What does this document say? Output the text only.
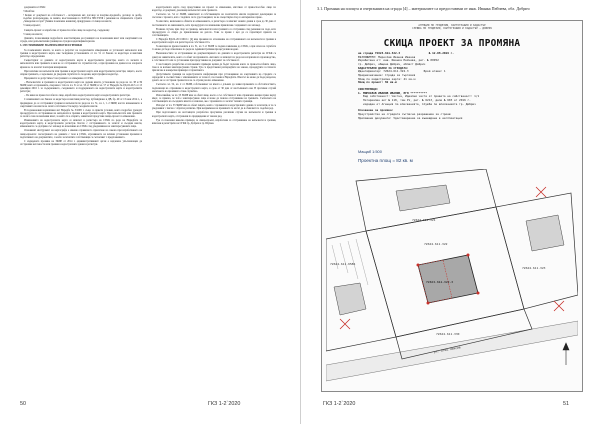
документи в СГКК:

• Монбтак

• Копие от документ на собственост – нотариален акт, договор за покупко-продажба, договор за делба, съдебно разпореждане, за земите, възстановени по ЗСПЗЗ и ЗВСГЗГФ с решение на общинската служба „Земеделие и гори“ (бивша поземлена комисия), придружено от скица на имота;

• Скица-проект;

Скицата-проект се изработва от правоспособно лице по кадастър, съдържащ:

• Скица на имота;

Данните, позволяващи подробното константиране на границата на поземления имот или очертанията на сграда, или допълнителни граници на сгради и идентификатори им.

3. ОТСТРАНЯВАНЕ НА НЕПЪЛНОТИ И ГРЕШКИ

За поземлените имоти, за които в резултат на геодезичните измервания се установят непълноти или грешки в кадастралната карта, ние тълкуваме установените от чл. 51 от Закона за кадастъра и имотния регистър определения.

Съществуват се данните от кадастралната карта и кадастралните регистри, които са заснети и непълнотите или грешките в нея не се отстраняват по служебен път, а при промяна на данни и на опорната мрежа не се налагат повторни измервания.

При наличие на непълноти или грешки в кадастралната карта или кадастралните регистри, лицето, което открие грешката, е задължено да уведоми службата по геодезия, картография и кадастър.

Преценката за допустимост на грешката се извършва от СГКК.

– Непълнотите и грешките в кадастралната карта на дадени имоти, установени по реда на чл. 38 и 39 ЗКИР, както и промените, свързани с тях по чл. 51 и чл. 53 от ЗКИР, и чл. 57 от Наредба № РД-02-20-5 от 15 декември 2016 г. за съдържанието, създаването и поддържането на кадастралната карта и кадастралните регистри;

– По вина на правоспособното лице, изработило кадастралната карта и кадастралните регистри.

С изменението на Закона за кадастъра и имотния регистър, публикувано в ДВ, бр. 49 от 13 юни 2014 г., е предвидено да се отстраняват грешки и непълноти по реда на чл. 51, ал. 1, т. 2 ЗКИР, когато изменението в очертанията на имота не засяга собствеността върху съседните имоти.

В подзаконовия нормативен акт Наредба № 3/2005 г. също са приети условия, които подробно уреждат процедурата по отстраняване на непълноти и грешки в кадастралната карта. При непълнотата или грешката се засяга само поземления имот, за който тя е открита, заявителят представя скица-проект за изменение.

Измененията на кадастралната карта се вписват в регистъра на СГКК по реда на Наредбата за кадастралната карта и кадастралните регистри. Когато с отстраняването се засягат и съседни имоти, изменението се одобрява със заповед на началника на СГКК след уведомяване на заинтересуваните лица.

Основният инструмент на картографа е именно правилното прилагане на закона при изработването на скица-проекта: съгласуването на данните с тези в СГКК, отразяването на всички установени промени и подготвянето на документите, с които засегнатите собственици се съгласяват с предложението.

С издадената промяна на ЗКИР от 2014 г. административният орган е надлежно упълномощен да отстранява неточности или грешки в кадастралните данни и регистри.

кадастралната карта след представяне на проект за изменение, изготвен от правоспособно лице по кадастър, и документ, доказващ непълнотата или грешката.

Съгласно чл. 54 от ЗКИР, заявителят и собствениците на засегнатите имоти подписват декларация за съгласие с проекта, като с подписа си те удостоверяват, че не съществува спор за материално право.

За имотите, включени в обхвата на изменението, в регистъра се вписват новите данни в срок до 30 дни от постъпването на заявлението, като процедурата по изменение приключва с издаването на заповед.

В някои случаи, при спор за граница, непълнотата или грешката се отстранява след решение на съда, като процедурата се спира до приключване на делото. Това се прави с цел да се гарантират правата на собствениците.

С Наредба РД-02-20-5/2016 г. [4] има промени по отношение на отстраняването на непълноти и грешки в кадастралната карта и в регистъра на собствеността.

За внасяне на пренасочените в чл. 51, ал. 5 от ЗКИР се подава заявление до СГКК, а при отказ на службата то може да бъде обжалвано по реда на Административнопроцесуалния кодекс.

Възможностите за отстраняване на документирането на данните в кадастралните регистри на СГКК се дават на заявителите, които са обект на промяната. Актовете се вписват по реда на нотариалното производство, а собствеността им се установява при представяне на документ за собственост.

С настоящата разработка и изложените примери целим да бъдат полезни както за правоспособните лица, така и за всички заинтересувани страни. Тук са представени разпоредбите на закона, процедурите за тяхното прилагане и конкретни примери от практиката.

Допустимите граници на кадастралната информация при установяване на очертанията на сградите се определят в съответствие с изискванията за точност, посочени в Наредбата. Имотът не може да бъде разделен, докато не се отстрани грешката и не се отрази реално изменение.

Съгласно чл. 52, ал. 2 от ЗКИР, собственикът на имота е длъжен да заяви промените в обстоятелствата, подлежащи на отразяване в кадастралната карта, в срок от 30 дни от настъпването им. В противен случай налагането на промяната става служебно.

Използвайки, че чл. 53 ЗКИР има за обект лице, което е със собственост или ограничено вещно право върху имот, се приема, че той е заинтересувано лице и може да поиска отстраняване на грешката. Съгласието на собствениците на съседните имоти се изисква, ако с промяната се засягат техните граници.

Изходът от чл. 53 ЗКИР има за обект лицата, които с промяната в кадастралните данни са засегнати, и те се уведомяват с писмо с обратна разписка. При неприемане на промяната те могат да я обжалват по съдебен ред.

При подготовката на настоящата разработка проучихме различни случаи на непълноти и грешки в кадастралната карта, отстранени по предвидения от закона ред.

Тук са показани няколко примера за скица-проект, изработени за отстраняване на непълноти и грешки, вписани в регистрите на СГКК гр. Добрич и гр. Шумен.

50	ГКЗ 1-2`2020
3.1. Промяна на площта и очертанията на сграда [4] – материалите са предоставени от инж. Иванка Пейчева, обл. Добрич
АГЕНЦИЯ ПО ГЕОДЕЗИЯ, КАРТОГРАФИЯ И КАДАСТЪР
СЛУЖБА ПО ГЕОДЕЗИЯ, КАРТОГРАФИЯ И КАДАСТЪР – ДОБРИЧ
СКИЦА ПРОЕКТ ЗА ПРОМЯНА
на сграда 72624.611.322.3                 № 12.08.2019 г.
ВЪЗЛОЖИТЕЛ: Мирослав Иванов Иванов
Изработена от: инж. Иванка Пейчева, рег. № 00952
гр. Добрич, община Добрич, област Добрич
КАДАСТРАЛНИ ДАННИ ЗА СГРАДАТА:
Идентификатор: 72624.611.322.3         Брой етажи: 1
Предназначение: Сграда за търговия
Площ по кадастрална карта: 41 кв.м
Площ по проект: 82 кв.м
СОБСТВЕНИЦИ:
1. МИРОСЛАВ ИВАНОВ ИВАНОВ, ЕГН **********
Вид собственост: Частна, Идеални части от правото на собственост: 1/1
Нотариален акт № 118, том IV, рег. № 6213, дело № 603 от 2016 г.
издаден от Агенция по вписванията, Служба по вписванията гр. Добрич
Основание за промяна:
Преустройство на сградата съгласно разрешение за строеж
Приложени документи: Удостоверение за въвеждане в експлоатация
Мащаб 1:500
Проектна площ = 82 кв. м
72624.611.322
72624.611.321
72624.611.323
72624.611.330
72624.611.9586
72624.611.322.3
ул. Отец Паисий
ГКЗ 1-2`2020	51
